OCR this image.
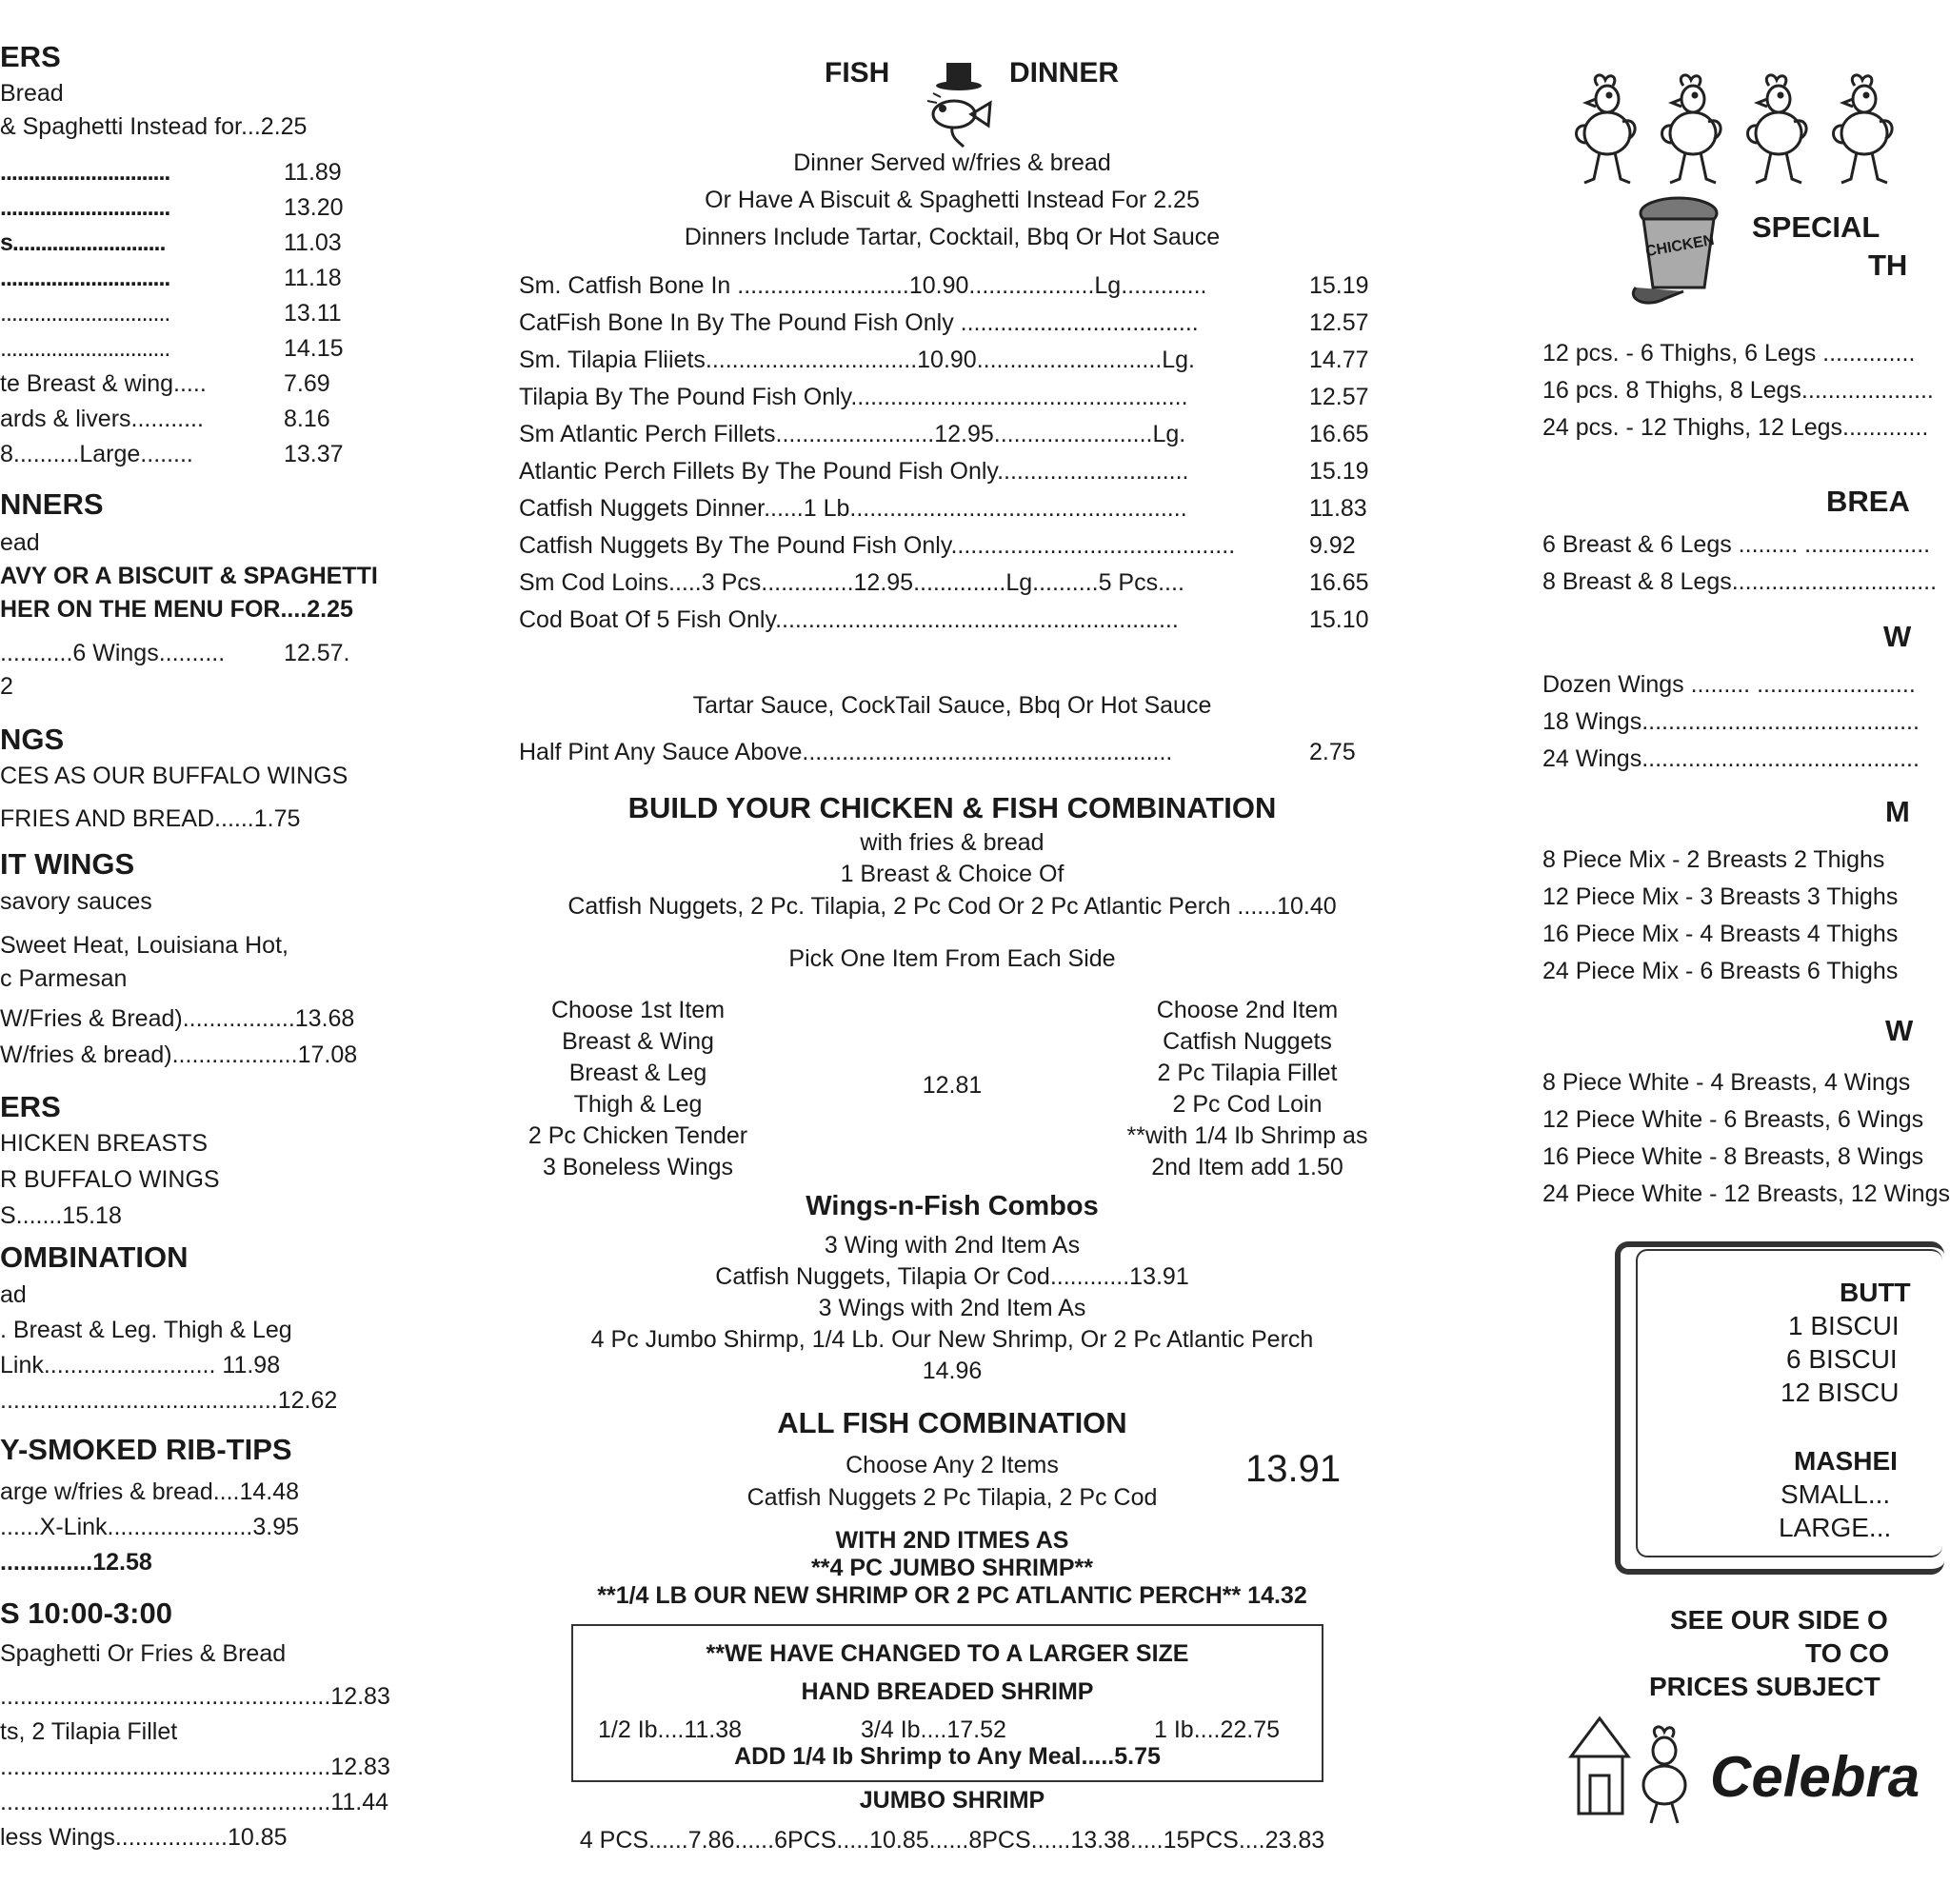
ERS
Bread
& Spaghetti Instead for...2.25
..............................	11.89
..............................	13.20
s...........................	11.03
..............................	11.18
..............................	13.11
..............................	14.15
te Breast & wing.....	7.69
ards & livers...........	8.16
8..........Large........	13.37
NNERS
ead
AVY OR A BISCUIT & SPAGHETTI
HER ON THE MENU FOR....2.25
...........6 Wings.......... 12.57.
2
NGS
CES AS OUR BUFFALO WINGS
FRIES AND BREAD......1.75
IT WINGS
savory sauces
Sweet Heat, Louisiana Hot,
c Parmesan
W/Fries & Bread).................13.68
W/fries & bread)...................17.08
ERS
HICKEN BREASTS
R BUFFALO WINGS
S.......15.18
OMBINATION
ad
. Breast & Leg. Thigh & Leg
Link.......................... 11.98
..........................................12.62
Y-SMOKED RIB-TIPS
arge w/fries & bread....14.48
......X-Link......................3.95
..............12.58
S 10:00-3:00
Spaghetti Or Fries & Bread
..................................................12.83
ts, 2 Tilapia Fillet
..................................................12.83
..................................................11.44
less Wings.................10.85
FISH	DINNER
Dinner Served w/fries & bread
Or Have A Biscuit & Spaghetti Instead For 2.25
Dinners Include Tartar, Cocktail, Bbq Or Hot Sauce
Sm. Catfish Bone In ..........................10.90...................Lg.............	15.19
CatFish Bone In By The Pound Fish Only ....................................	12.57
Sm. Tilapia Fliiets................................10.90............................Lg.	14.77
Tilapia By The Pound Fish Only...................................................	12.57
Sm Atlantic Perch Fillets........................12.95........................Lg.	16.65
Atlantic Perch Fillets By The Pound Fish Only.............................	15.19
Catfish Nuggets Dinner......1 Lb...................................................	11.83
Catfish Nuggets By The Pound Fish Only...........................................	9.92
Sm Cod Loins.....3 Pcs..............12.95..............Lg..........5 Pcs....	16.65
Cod Boat Of 5 Fish Only.............................................................	15.10
Tartar Sauce, CockTail Sauce, Bbq Or Hot Sauce
Half Pint Any Sauce Above........................................................	2.75
BUILD YOUR CHICKEN & FISH COMBINATION
with fries & bread
1 Breast & Choice Of
Catfish Nuggets, 2 Pc. Tilapia, 2 Pc Cod Or 2 Pc Atlantic Perch ......10.40
Pick One Item From Each Side
Choose 1st Item
Breast & Wing
Breast & Leg
Thigh & Leg
2 Pc Chicken Tender
3 Boneless Wings
12.81
Choose 2nd Item
Catfish Nuggets
2 Pc Tilapia Fillet
2 Pc Cod Loin
**with 1/4 Ib Shrimp as
2nd Item add 1.50
Wings-n-Fish Combos
3 Wing with 2nd Item As
Catfish Nuggets, Tilapia Or Cod............13.91
3 Wings with 2nd Item As
4 Pc Jumbo Shirmp, 1/4 Lb. Our New Shrimp, Or 2 Pc Atlantic Perch
14.96
ALL FISH COMBINATION
Choose Any 2 Items
Catfish Nuggets 2 Pc Tilapia, 2 Pc Cod
13.91
WITH 2ND ITMES AS
**4 PC JUMBO SHRIMP**
**1/4 LB OUR NEW SHRIMP OR 2 PC ATLANTIC PERCH** 14.32
**WE HAVE CHANGED TO A LARGER SIZE
HAND BREADED SHRIMP
1/2 Ib....11.38	3/4 Ib....17.52	1 Ib....22.75
ADD 1/4 Ib Shrimp to Any Meal.....5.75
JUMBO SHRIMP
4 PCS......7.86......6PCS.....10.85......8PCS......13.38.....15PCS....23.83
CHICKEN
SPECIAL
TH
12 pcs. - 6 Thighs, 6 Legs ..............
16 pcs. 8 Thighs, 8 Legs....................
24 pcs. - 12 Thighs, 12 Legs.............
BREA
6 Breast & 6 Legs ......... ...................
8 Breast & 8 Legs...............................
W
Dozen Wings ......... ........................
18 Wings..........................................
24 Wings..........................................
M
8 Piece Mix - 2 Breasts 2 Thighs
12 Piece Mix - 3 Breasts 3 Thighs
16 Piece Mix - 4 Breasts 4 Thighs
24 Piece Mix - 6 Breasts 6 Thighs
W
8 Piece White - 4 Breasts, 4 Wings
12 Piece White - 6 Breasts, 6 Wings
16 Piece White - 8 Breasts, 8 Wings
24 Piece White - 12 Breasts, 12 Wings
BUTT
1 BISCUI
6 BISCUI
12 BISCU
MASHEI
SMALL...
LARGE...
SEE OUR SIDE O
TO CO
PRICES SUBJECT
Celebra
